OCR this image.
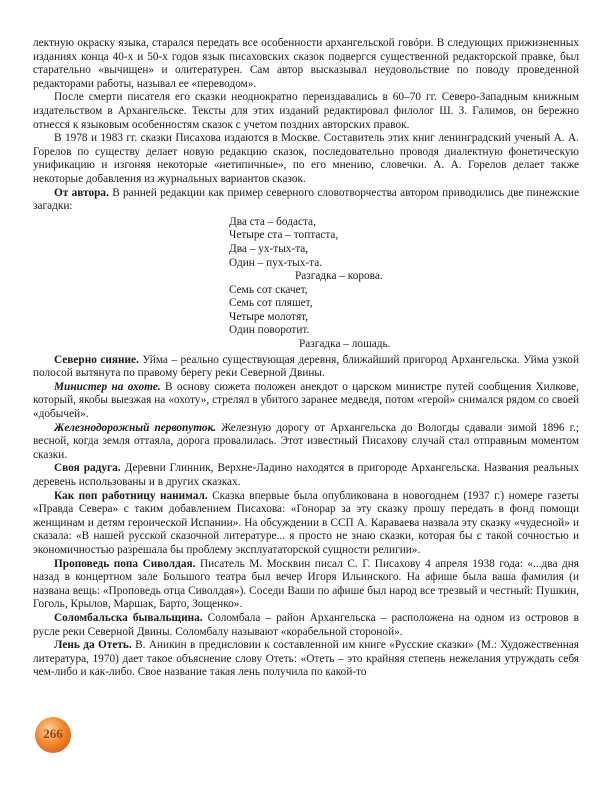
лектную окраску языка, старался передать все особенности архангельской говóри. В следующих прижизненных изданиях конца 40-х и 50-х годов язык писаховских сказок подвергся существенной редакторской правке, был старательно «вычищен» и олитературен. Сам автор высказывал неудовольствие по поводу проведенной редакторами работы, называл ее «переводом».

После смерти писателя его сказки неоднократно переиздавались в 60–70 гг. Северо-Западным книжным издательством в Архангельске. Тексты для этих изданий редактировал филолог Ш. З. Галимов, он бережно отнесся к языковым особенностям сказок с учетом поздних авторских правок.

В 1978 и 1983 гг. сказки Писахова издаются в Москве. Составитель этих книг ленинградский ученый А. А. Горелов по существу делает новую редакцию сказок, последовательно проводя диалектную фонетическую унификацию и изгоняя некоторые «нетипичные», по его мнению, словечки. А. А. Горелов делает также некоторые добавления из журнальных вариантов сказок.

От автора. В ранней редакции как пример северного словотворчества автором приводились две пинежские загадки:

Два ста – бодаста,

Четыре ста – топтаста,

Два – ух-тых-та,

Один – пух-тых-та.

Разгадка – корова.

Семь сот скачет,

Семь сот пляшет,

Четыре молотят,

Один поворотит.

Разгадка – лошадь.

Северно сияние. Уйма – реально существующая деревня, ближайший пригород Архангельска. Уйма узкой полосой вытянута по правому берегу реки Северной Двины.

Министер на охоте. В основу сюжета положен анекдот о царском министре путей сообщения Хилкове, который, якобы выезжая на «охоту», стрелял в убитого заранее медведя, потом «герой» снимался рядом со своей «добычей».

Железнодорожный первопуток. Железную дорогу от Архангельска до Вологды сдавали зимой 1896 г.; весной, когда земля оттаяла, дорога провалилась. Этот известный Писахову случай стал отправным моментом сказки.

Своя радуга. Деревни Глинник, Верхне-Ладино находятся в пригороде Архангельска. Названия реальных деревень использованы и в других сказках.

Как поп работницу нанимал. Сказка впервые была опубликована в новогоднем (1937 г.) номере газеты «Правда Севера» с таким добавлением Писахова: «Гонорар за эту сказку прошу передать в фонд помощи женщинам и детям героической Испании». На обсуждении в ССП А. Караваева назвала эту сказку «чудесной» и сказала: «В нашей русской сказочной литературе... я просто не знаю сказки, которая бы с такой сочностью и экономичностью разрешала бы проблему эксплуататорской сущности религии».

Проповедь попа Сиволдая. Писатель М. Москвин писал С. Г. Писахову 4 апреля 1938 года: «...два дня назад в концертном зале Большого театра был вечер Игоря Ильинского. На афише была ваша фамилия (и названа вещь: «Проповедь отца Сиволдая»). Соседи Ваши по афише был народ все трезвый и честный: Пушкин, Гоголь, Крылов, Маршак, Барто, Зощенко».

Соломбальска бывальщина. Соломбала – район Архангельска – расположена на одном из островов в русле реки Северной Двины. Соломбалу называют «корабельной стороной».

Лень да Отеть. В. Аникин в предисловии к составленной им книге «Русские сказки» (М.: Художественная литература, 1970) дает такое объяснение слову Отеть: «Отеть – это крайняя степень нежелания утруждать себя чем-либо и как-либо. Свое название такая лень получила по какой-то

266
